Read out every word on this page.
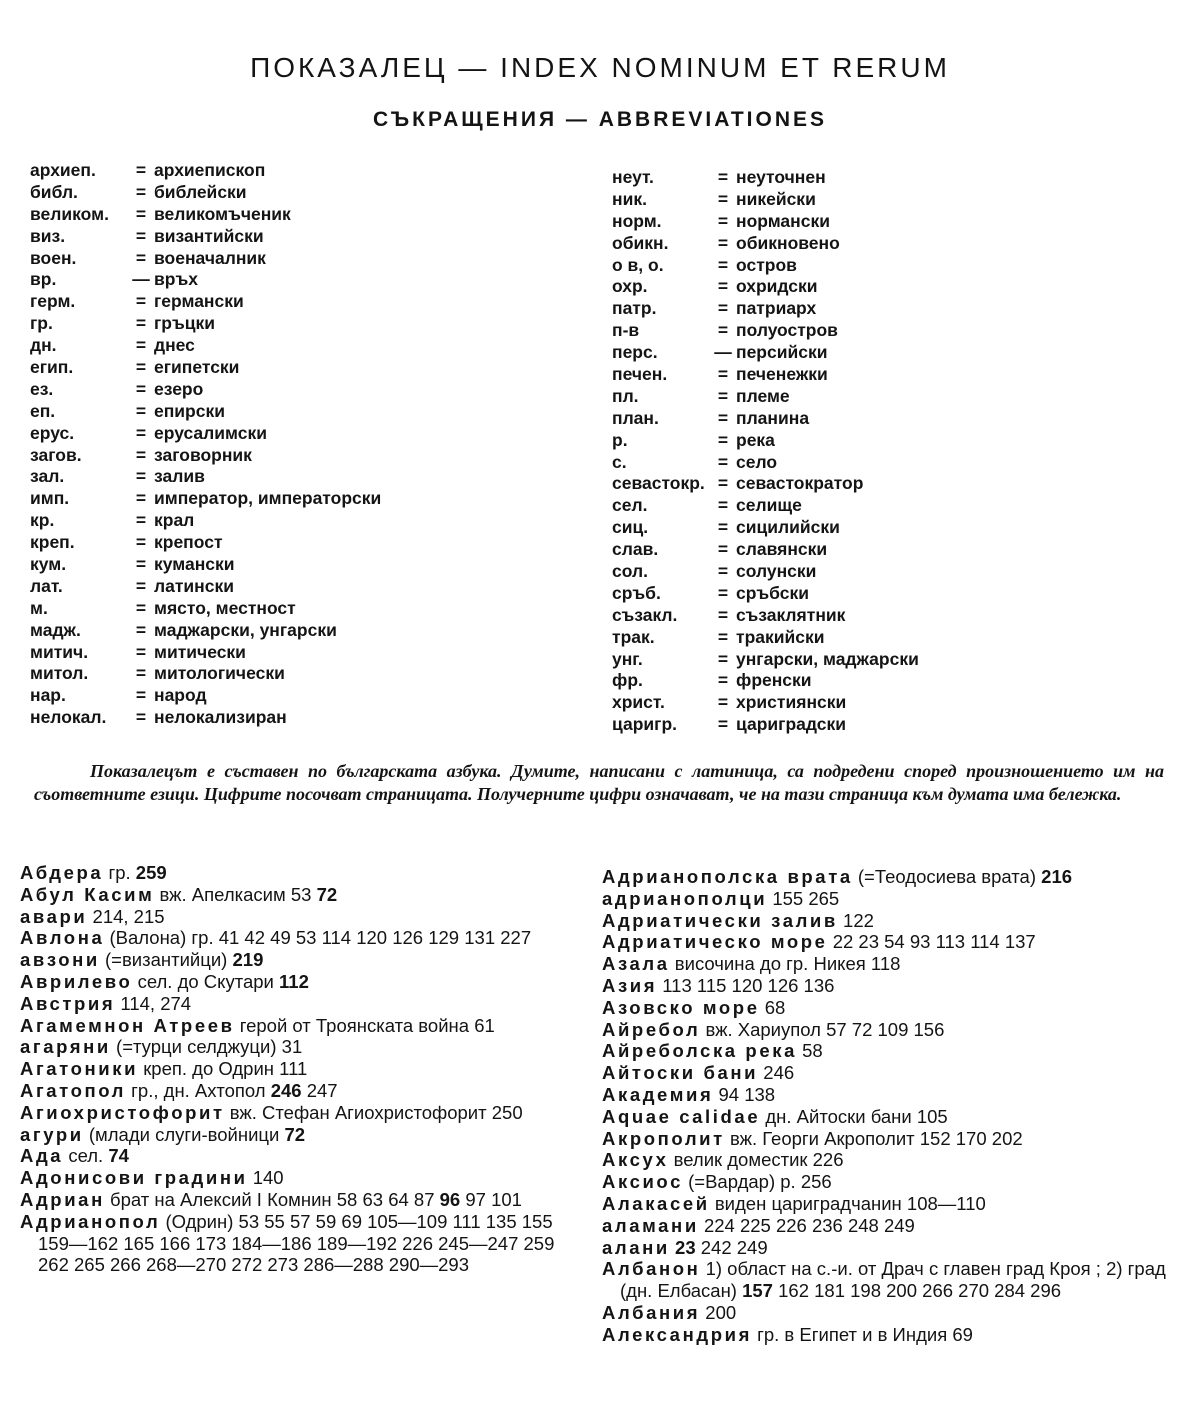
ПОКАЗАЛЕЦ — INDEX NOMINUM ET RERUM
СЪКРАЩЕНИЯ — ABBREVIATIONES
архиеп.	= архиепископ
библ.	= библейски
великом.	= великомъченик
виз.	= византийски
воен.	= военачалник
вр.	— връх
герм.	= германски
гр.	= гръцки
дн.	= днес
егип.	= египетски
ез.	= езеро
еп.	= епирски
ерус.	= ерусалимски
загов.	= заговорник
зал.	= залив
имп.	= император, императорски
кр.	= крал
креп.	= крепост
кум.	= кумански
лат.	= латински
м.	= място, местност
мадж.	= маджарски, унгарски
митич.	= митически
митол.	= митологически
нар.	= народ
нелокал.	= нелокализиран
неут.	= неуточнен
ник.	= никейски
норм.	= нормански
обикн.	= обикновено
о в, о.	= остров
охр.	= охридски
патр.	= патриарх
п-в	= полуостров
перс.	— персийски
печен.	= печенежки
пл.	= племе
план.	= планина
р.	= река
с.	= село
севастокр. = севастократор
сел.	= селище
сиц.	= сицилийски
слав.	= славянски
сол.	= солунски
сръб.	= сръбски
съзакл.	= съзаклятник
трак.	= тракийски
унг.	= унгарски, маджарски
фр.	= френски
христ.	= християнски
царигр.	= цариградски
Показалецът е съставен по българската азбука. Думите, написани с латиница, са подредени според произношението им на съответните езици. Цифрите посочват страницата. Получерните цифри означават, че на тази страница към думата има бележка.
Абдера гр. 259
Абул Касим вж. Апелкасим 53 72
авари 214, 215
Авлона (Валона) гр. 41 42 49 53 114 120 126 129 131 227
авзони (=византийци) 219
Аврилево сел. до Скутари 112
Австрия 114, 274
Агамемнон Атреев герой от Троянската война 61
агаряни (=турци селджуци) 31
Агатоники креп. до Одрин 111
Агатопол гр., дн. Ахтопол 246 247
Агиохристофорит вж. Стефан Агиохристофорит 250
агури (млади слуги-войници 72
Ада сел. 74
Адонисови градини 140
Адриан брат на Алексий I Комнин 58 63 64 87 96 97 101
Адрианопол (Одрин) 53 55 57 59 69 105—109 111 135 155 159—162 165 166 173 184—186 189—192 226 245—247 259 262 265 266 268—270 272 273 286—288 290—293
Адрианополска врата (=Теодосиева врата) 216
адрианополци 155 265
Адриатически залив 122
Адриатическо море 22 23 54 93 113 114 137
Азала височина до гр. Никея 118
Азия 113 115 120 126 136
Азовско море 68
Айребол вж. Хариупол 57 72 109 156
Айреболска река 58
Айтоски бани 246
Академия 94 138
Aquae calidae дн. Айтоски бани 105
Акрополит вж. Георги Акрополит 152 170 202
Аксух велик доместик 226
Аксиос (=Вардар) р. 256
Алакасей виден цариградчанин 108—110
аламани 224 225 226 236 248 249
алани 23 242 249
Албанон 1) област на с.-и. от Драч с главен град Крoя ; 2) град (дн. Елбасан) 157 162 181 198 200 266 270 284 296
Албания 200
Александрия гр. в Египет и в Индия 69
